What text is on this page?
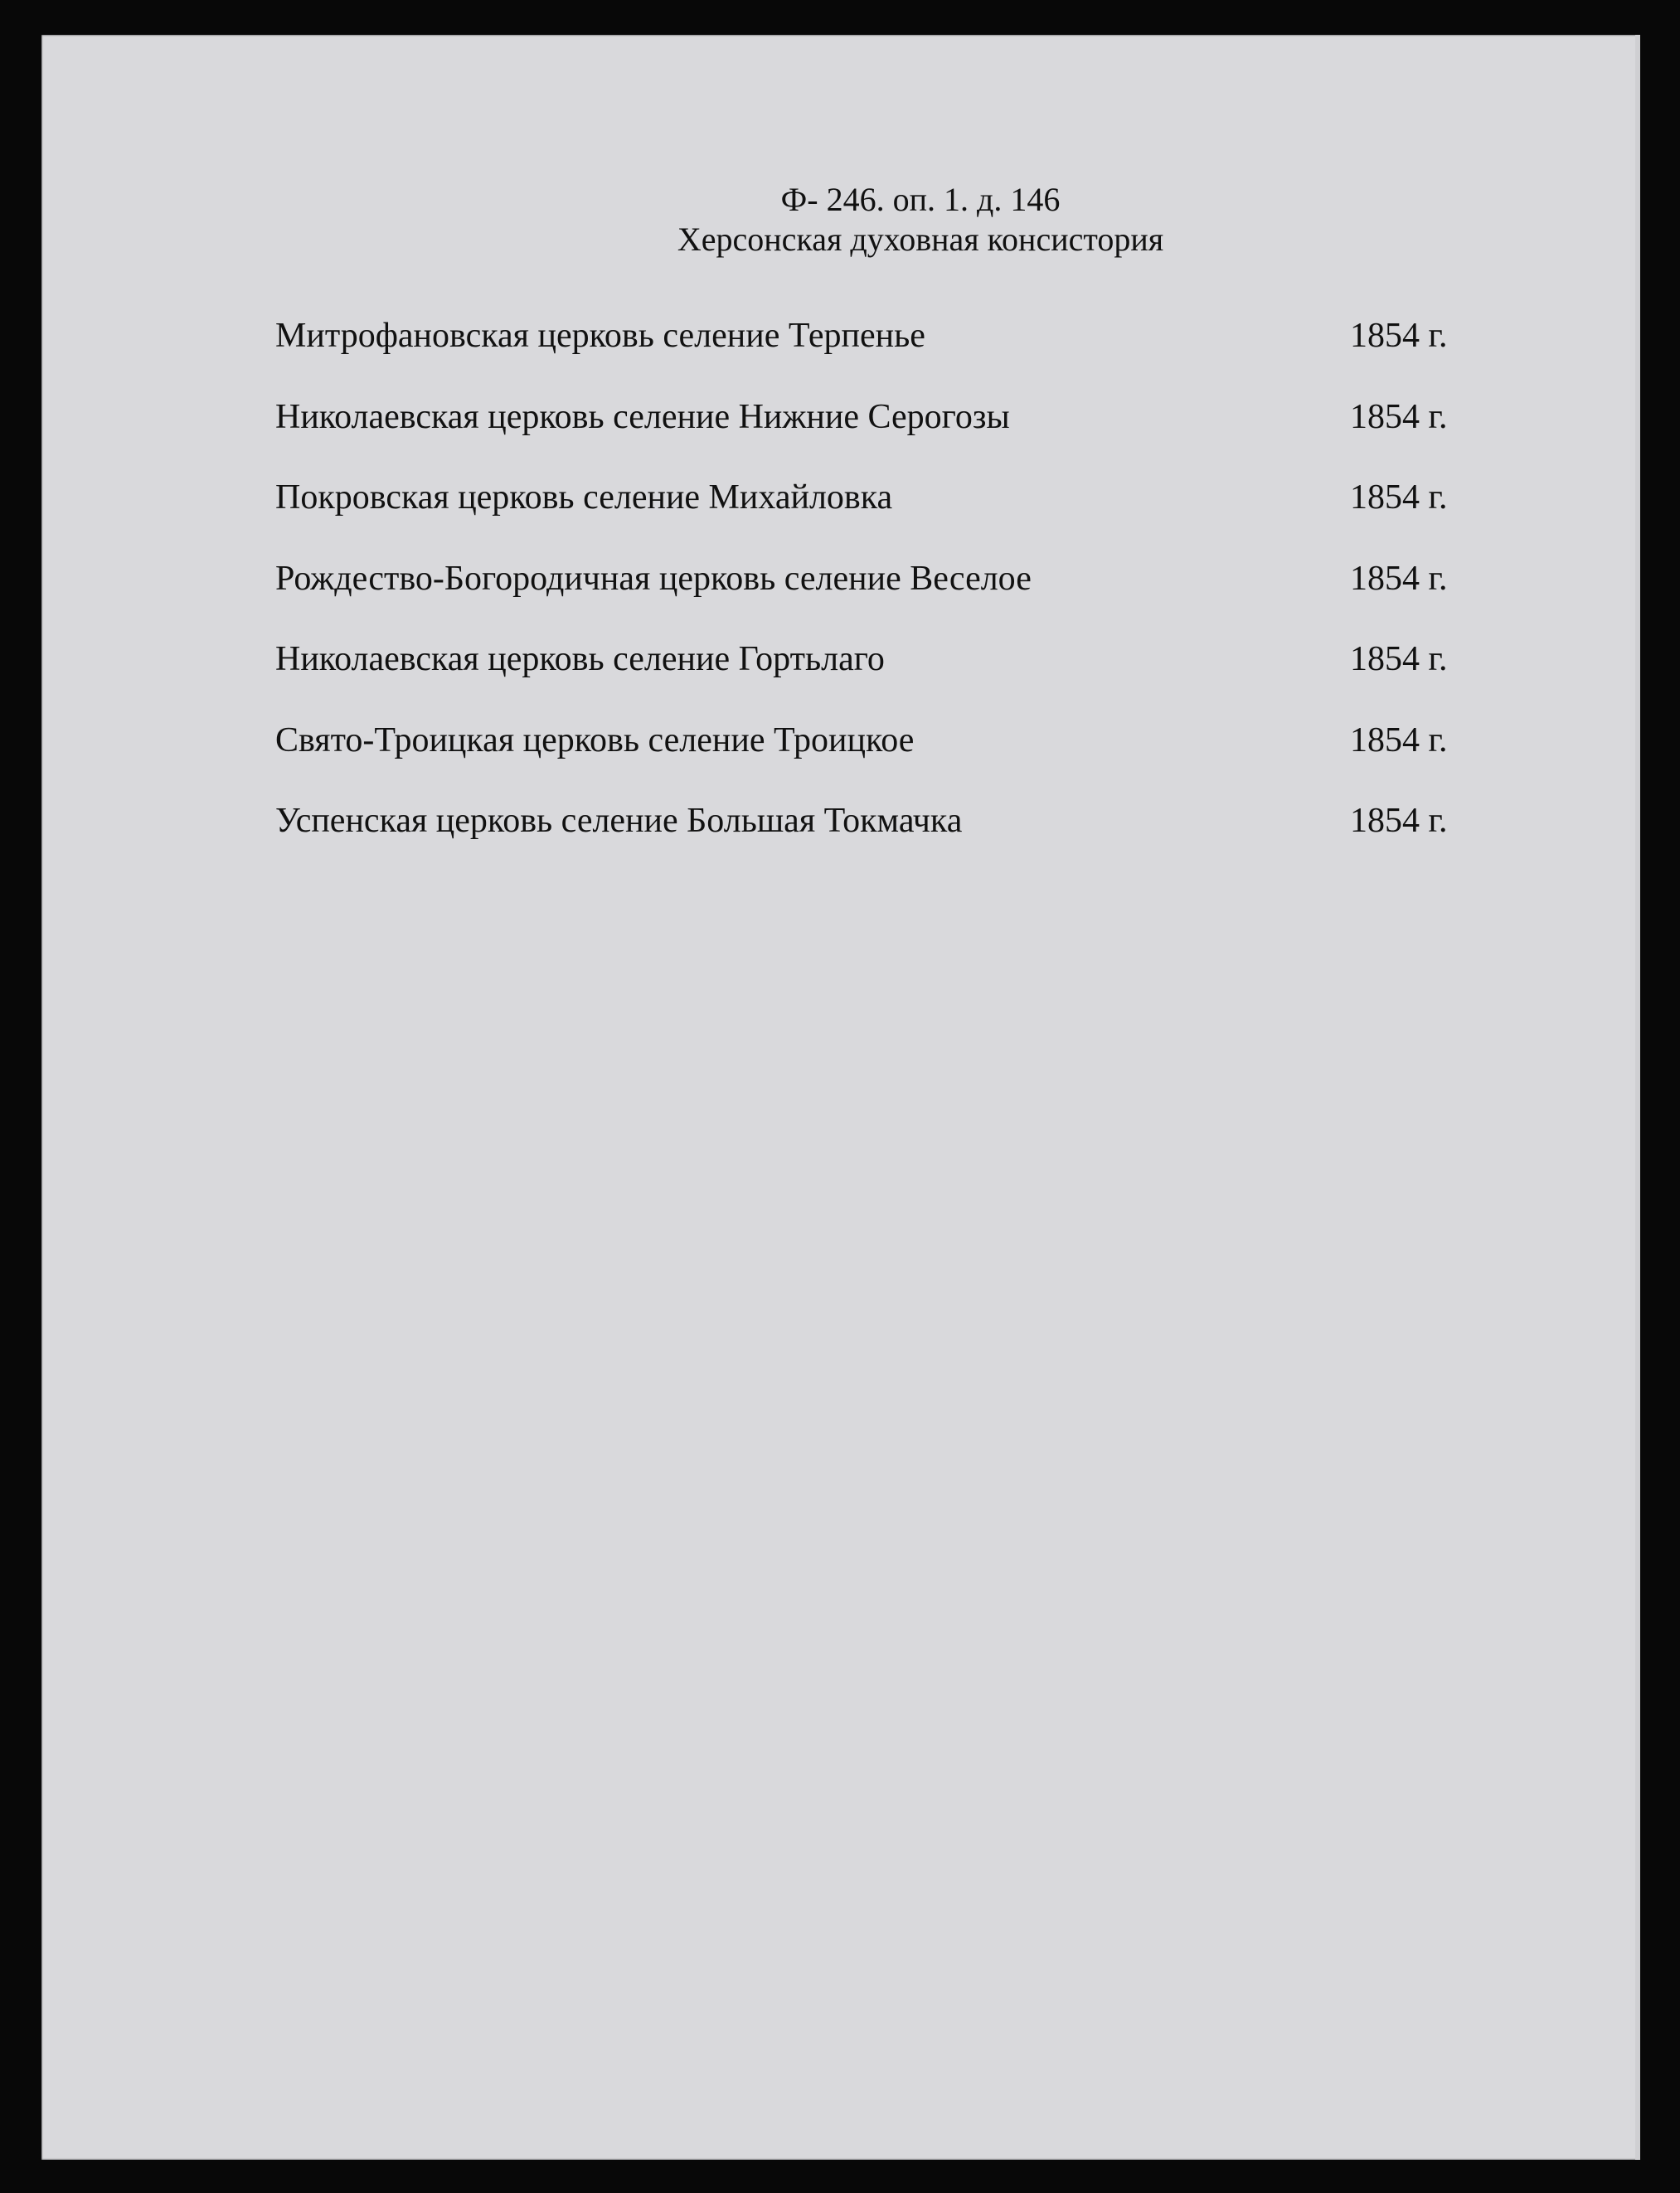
Ф- 246. оп. 1. д. 146
Херсонская духовная консистория
Митрофановская церковь селение Терпенье	1854 г.
Николаевская церковь селение Нижние Серогозы	1854 г.
Покровская церковь селение Михайловка	1854 г.
Рождество-Богородичная церковь селение Веселое	1854 г.
Николаевская церковь селение Гортьлаго	1854 г.
Свято-Троицкая церковь селение Троицкое	1854 г.
Успенская церковь селение Большая Токмачка	1854 г.
